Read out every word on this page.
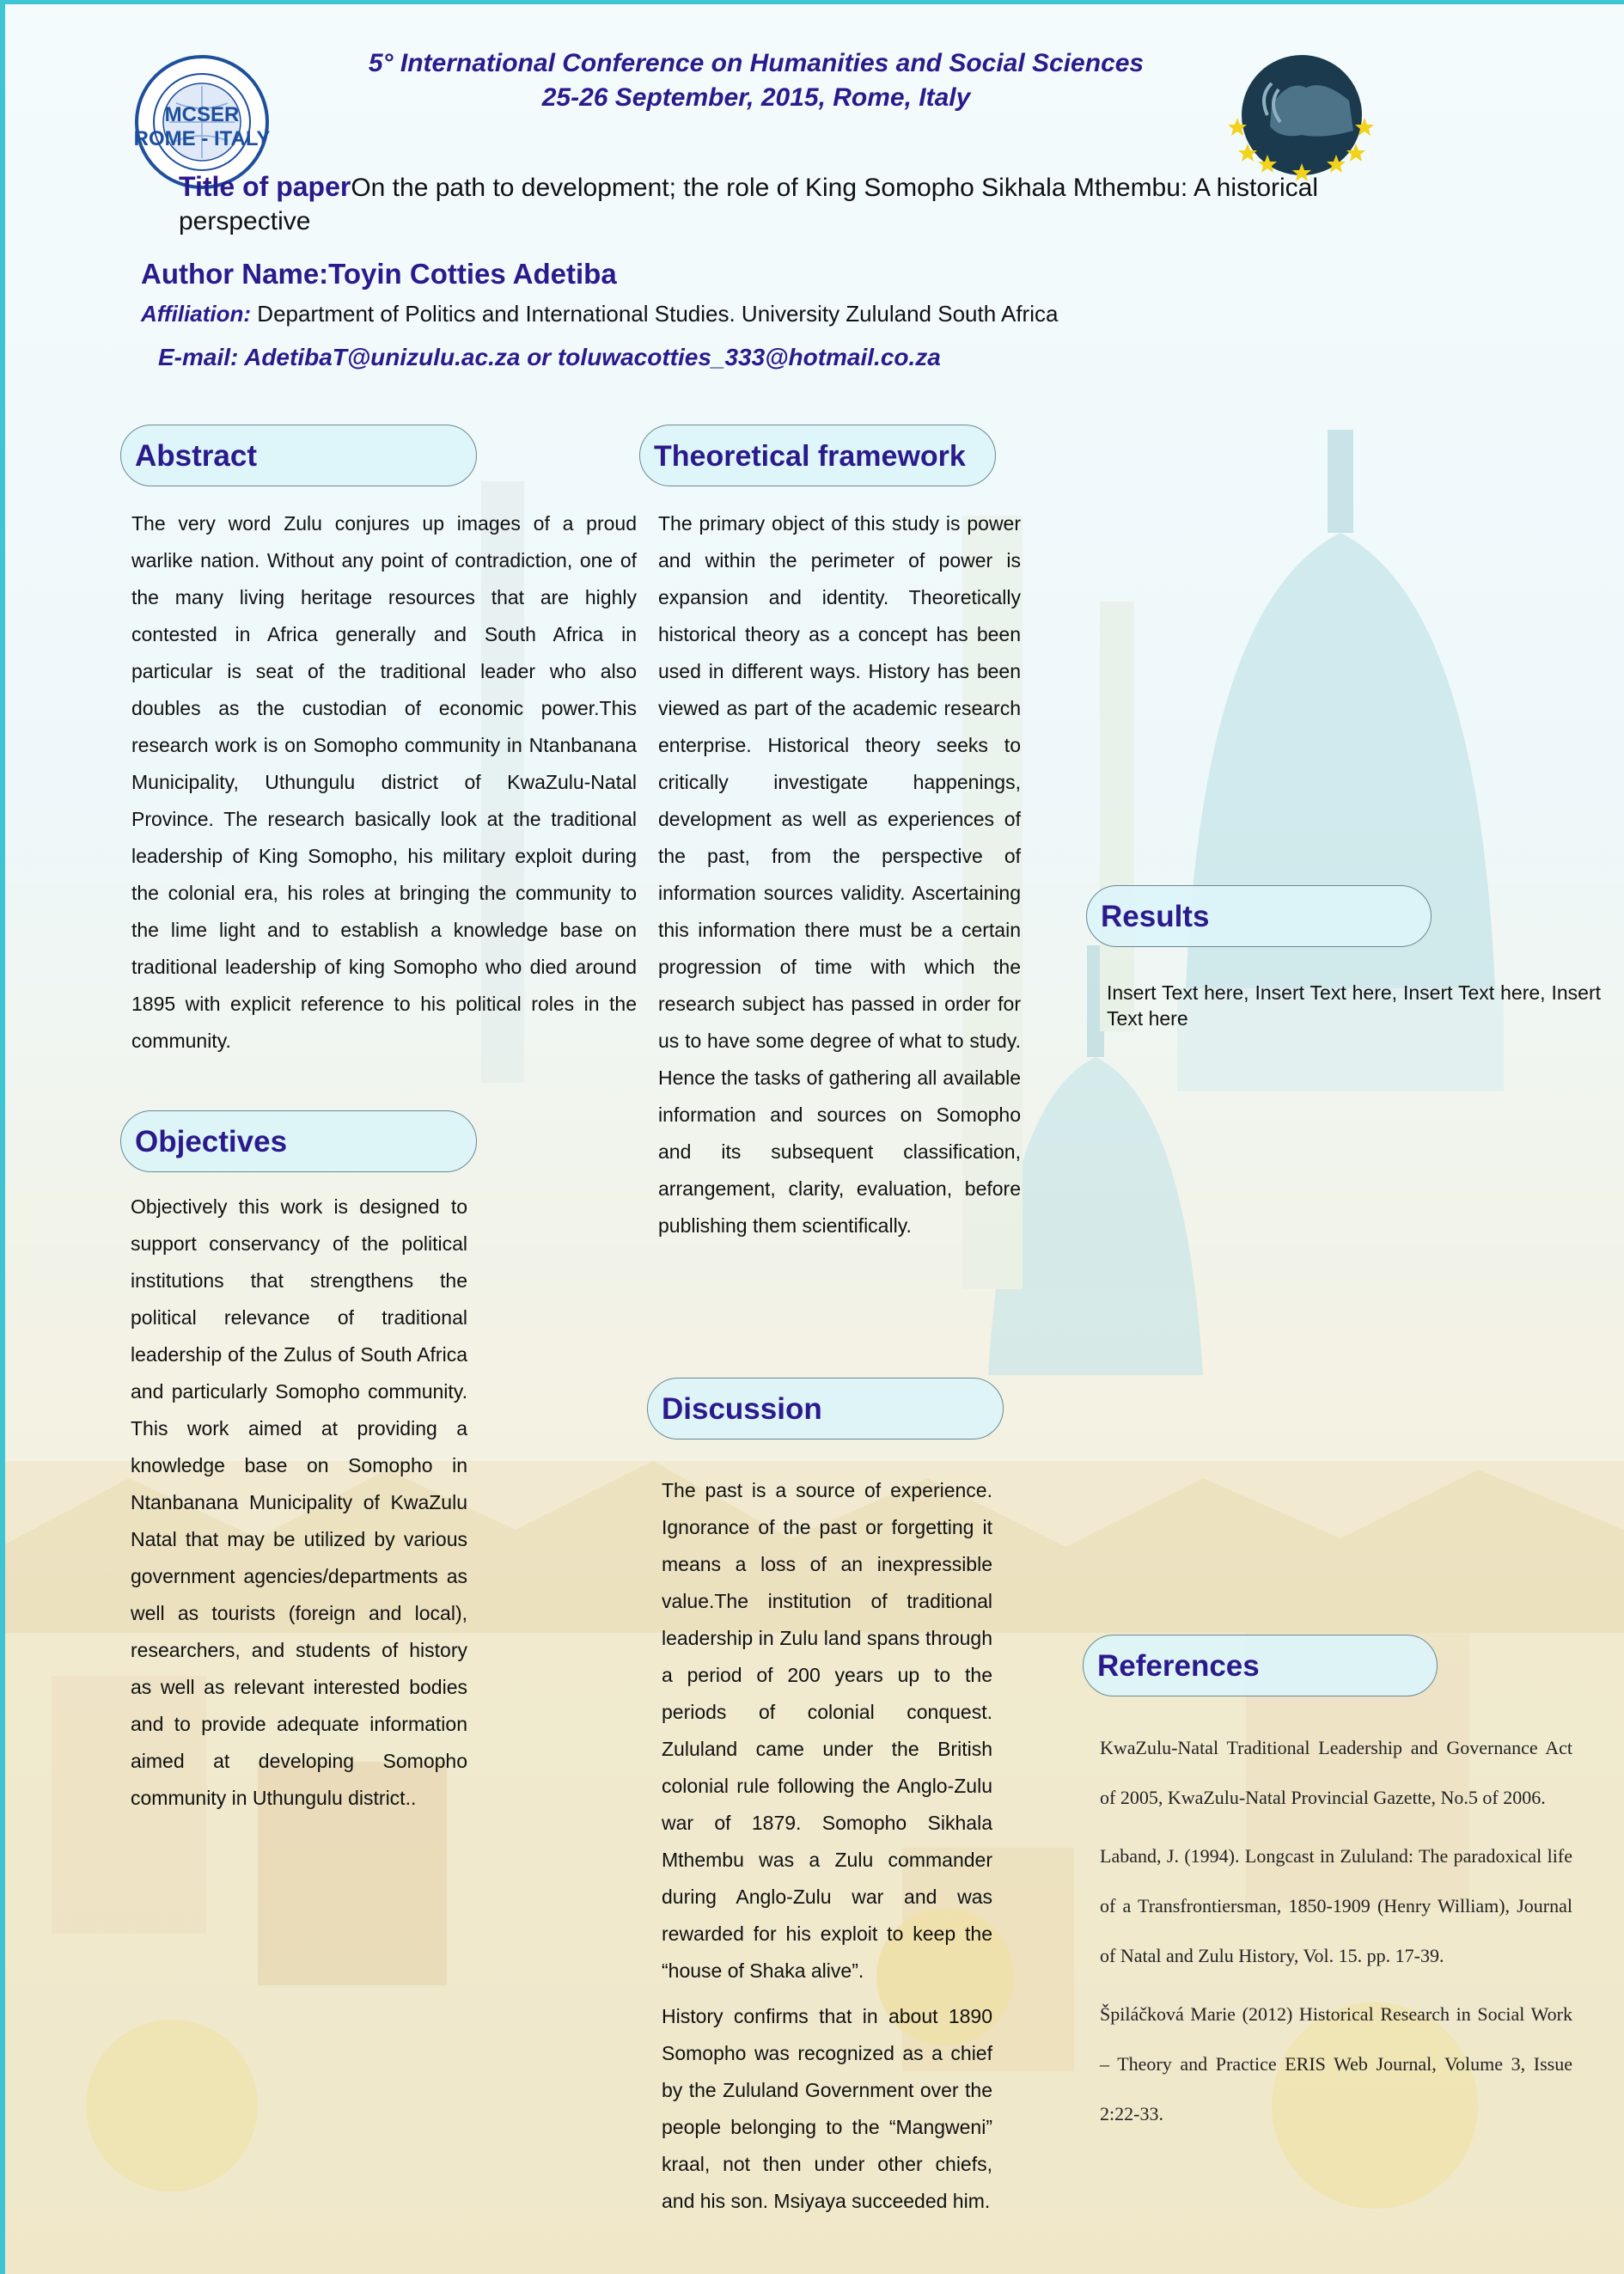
MCSER ROME - ITALY
5° International Conference on Humanities and Social Sciences
25-26 September, 2015, Rome, Italy
Title of paperOn the path to development; the role of King Somopho Sikhala Mthembu: A historical perspective
Author Name:Toyin Cotties Adetiba
Affiliation: Department of Politics and International Studies. University Zululand South Africa
E-mail: AdetibaT@unizulu.ac.za or toluwacotties_333@hotmail.co.za
Abstract

The very word Zulu conjures up images of a proud warlike nation. Without any point of contradiction, one of the many living heritage resources that are highly contested in Africa generally and South Africa in particular is seat of the traditional leader who also doubles as the custodian of economic power.This research work is on Somopho community in Ntanbanana Municipality, Uthungulu district of KwaZulu-Natal Province. The research basically look at the traditional leadership of King Somopho, his military exploit during the colonial era, his roles at bringing the community to the lime light and to establish a knowledge base on traditional leadership of king Somopho who died around 1895 with explicit reference to his political roles in the community.

Objectives

Objectively this work is designed to support conservancy of the political institutions that strengthens the political relevance of traditional leadership of the Zulus of South Africa and particularly Somopho community. This work aimed at providing a knowledge base on Somopho in Ntanbanana Municipality of KwaZulu Natal that may be utilized by various government agencies/departments as well as tourists (foreign and local), researchers, and students of history as well as relevant interested bodies and to provide adequate information aimed at developing Somopho community in Uthungulu district..

Theoretical framework

The primary object of this study is power and within the perimeter of power is expansion and identity. Theoretically historical theory as a concept has been used in different ways. History has been viewed as part of the academic research enterprise. Historical theory seeks to critically investigate happenings, development as well as experiences of the past, from the perspective of information sources validity. Ascertaining this information there must be a certain progression of time with which the research subject has passed in order for us to have some degree of what to study. Hence the tasks of gathering all available information and sources on Somopho and its subsequent classification, arrangement, clarity, evaluation, before publishing them scientifically.

Discussion

The past is a source of experience. Ignorance of the past or forgetting it means a loss of an inexpressible value.The institution of traditional leadership in Zulu land spans through a period of 200 years up to the periods of colonial conquest. Zululand came under the British colonial rule following the Anglo-Zulu war of 1879. Somopho Sikhala Mthembu was a Zulu commander during Anglo-Zulu war and was rewarded for his exploit to keep the “house of Shaka alive”.

History confirms that in about 1890 Somopho was recognized as a chief by the Zululand Government over the people belonging to the “Mangweni” kraal, not then under other chiefs, and his son. Msiyaya succeeded him.

Results

Insert Text here, Insert Text here, Insert Text here, Insert Text here

References

KwaZulu-Natal Traditional Leadership and Governance Act of 2005, KwaZulu-Natal Provincial Gazette, No.5 of 2006.

Laband, J. (1994). Longcast in Zululand: The paradoxical life of a Transfrontiersman, 1850-1909 (Henry William), Journal of Natal and Zulu History, Vol. 15. pp. 17-39.

Špiláčková Marie (2012) Historical Research in Social Work – Theory and Practice ERIS Web Journal, Volume 3, Issue 2:22-33.
